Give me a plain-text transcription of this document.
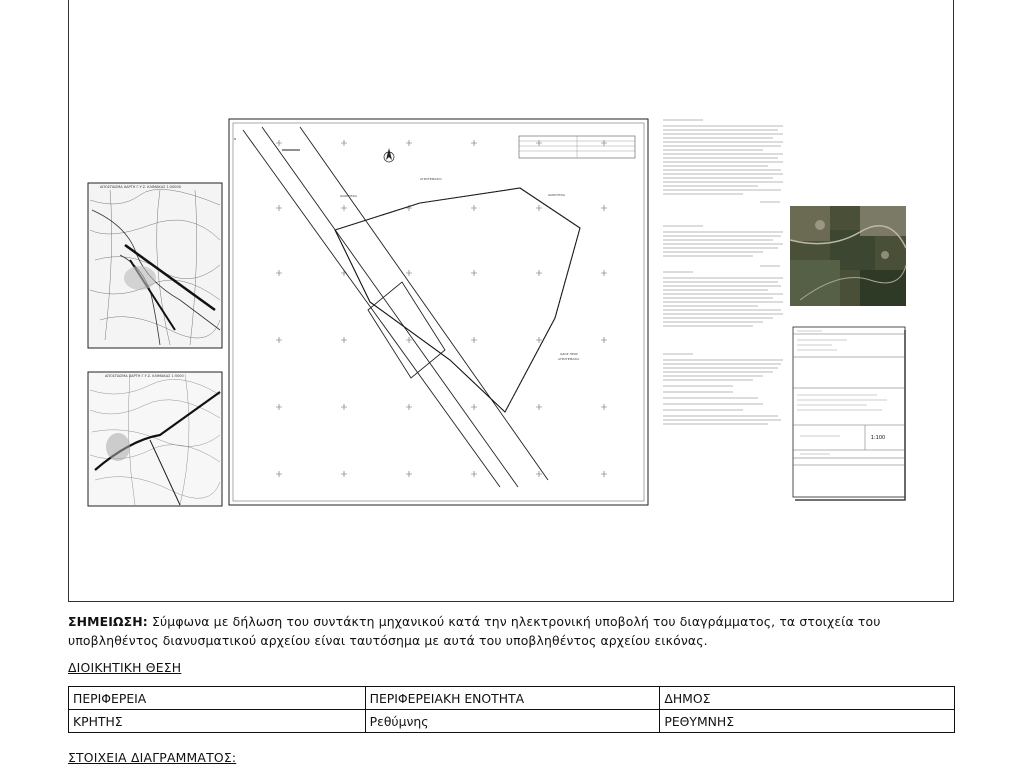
ΑΠΟΣΠΑΣΜΑ ΧΑΡΤΗ Γ.Υ.Σ. ΚΛΙΜΑΚΑΣ 1:50000
ΑΠΟΣΠΑΣΜΑ ΧΑΡΤΗ Γ.Υ.Σ. ΚΛΙΜΑΚΑΣ 1:5000
ΙΔΙΟΚΤΗΣΙΑ
ΑΓΡΟΤΕΜΑΧΙΟ
ΙΔΙΟΚΤΗΣΙΑ
ΟΔΟΣ ΠΡΟΣ
ΑΓΡΟΤΕΜΑΧΙΑ
Ν
1:100
ΣΗΜΕΙΩΣΗ: Σύμφωνα με δήλωση του συντάκτη μηχανικού κατά την ηλεκτρονική υποβολή του διαγράμματος, τα στοιχεία του υποβληθέντος διανυσματικού αρχείου είναι ταυτόσημα με αυτά του υποβληθέντος αρχείου εικόνας.
ΔΙΟΙΚΗΤΙΚΗ ΘΕΣΗ
ΠΕΡΙΦΕΡΕΙΑ	ΠΕΡΙΦΕΡΕΙΑΚΗ ΕΝΟΤΗΤΑ	ΔΗΜΟΣ
ΚΡΗΤΗΣ	Ρεθύμνης	ΡΕΘΥΜΝΗΣ
ΣΤΟΙΧΕΙΑ ΔΙΑΓΡΑΜΜΑΤΟΣ:
